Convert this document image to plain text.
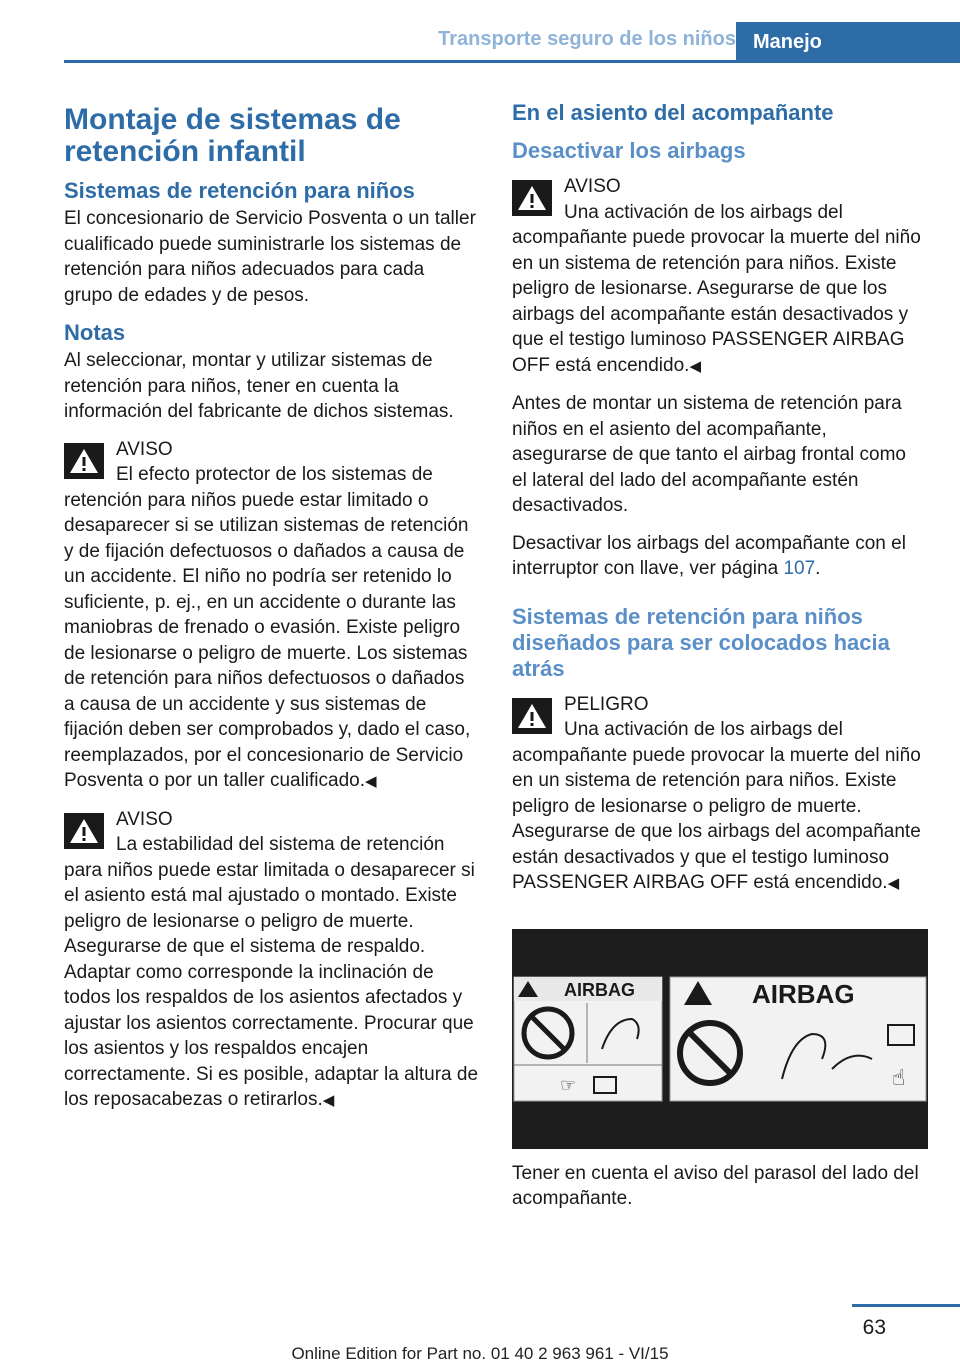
Transporte seguro de los niños Manejo
Montaje de sistemas de retención infantil
Sistemas de retención para niños

El concesionario de Servicio Posventa o un taller cualificado puede suministrarle los sistemas de retención para niños adecuados para cada grupo de edades y de pesos.

Notas

Al seleccionar, montar y utilizar sistemas de retención para niños, tener en cuenta la información del fabricante de dichos sistemas.

AVISO
El efecto protector de los sistemas de retención para niños puede estar limitado o desaparecer si se utilizan sistemas de retención y de fijación defectuosos o dañados a causa de un accidente. El niño no podría ser retenido lo suficiente, p. ej., en un accidente o durante las maniobras de frenado o evasión. Existe peligro de lesionarse o peligro de muerte. Los sistemas de retención para niños defectuosos o dañados a causa de un accidente y sus sistemas de fijación deben ser comprobados y, dado el caso, reemplazados, por el concesionario de Servicio Posventa o por un taller cualificado.◀
AVISO
La estabilidad del sistema de retención para niños puede estar limitada o desaparecer si el asiento está mal ajustado o montado. Existe peligro de lesionarse o peligro de muerte. Asegurarse de que el sistema de respaldo. Adaptar como corresponde la inclinación de todos los respaldos de los asientos afectados y ajustar los asientos correctamente. Procurar que los asientos y los respaldos encajen correctamente. Si es posible, adaptar la altura de los reposacabezas o retirarlos.◀
En el asiento del acompañante
Desactivar los airbags
AVISO
Una activación de los airbags del acompañante puede provocar la muerte del niño en un sistema de retención para niños. Existe peligro de lesionarse. Asegurarse de que los airbags del acompañante están desactivados y que el testigo luminoso PASSENGER AIRBAG OFF está encendido.◀

Antes de montar un sistema de retención para niños en el asiento del acompañante, asegurarse de que tanto el airbag frontal como el lateral del lado del acompañante estén desactivados.

Desactivar los airbags del acompañante con el interruptor con llave, ver página 107.

Sistemas de retención para niños diseñados para ser colocados hacia atrás
PELIGRO
Una activación de los airbags del acompañante puede provocar la muerte del niño en un sistema de retención para niños. Existe peligro de lesionarse o peligro de muerte. Asegurarse de que los airbags del acompañante están desactivados y que el testigo luminoso PASSENGER AIRBAG OFF está encendido.◀
AIRBAG
☞
AIRBAG
☝

Tener en cuenta el aviso del parasol del lado del acompañante.

63
Online Edition for Part no. 01 40 2 963 961 - VI/15
